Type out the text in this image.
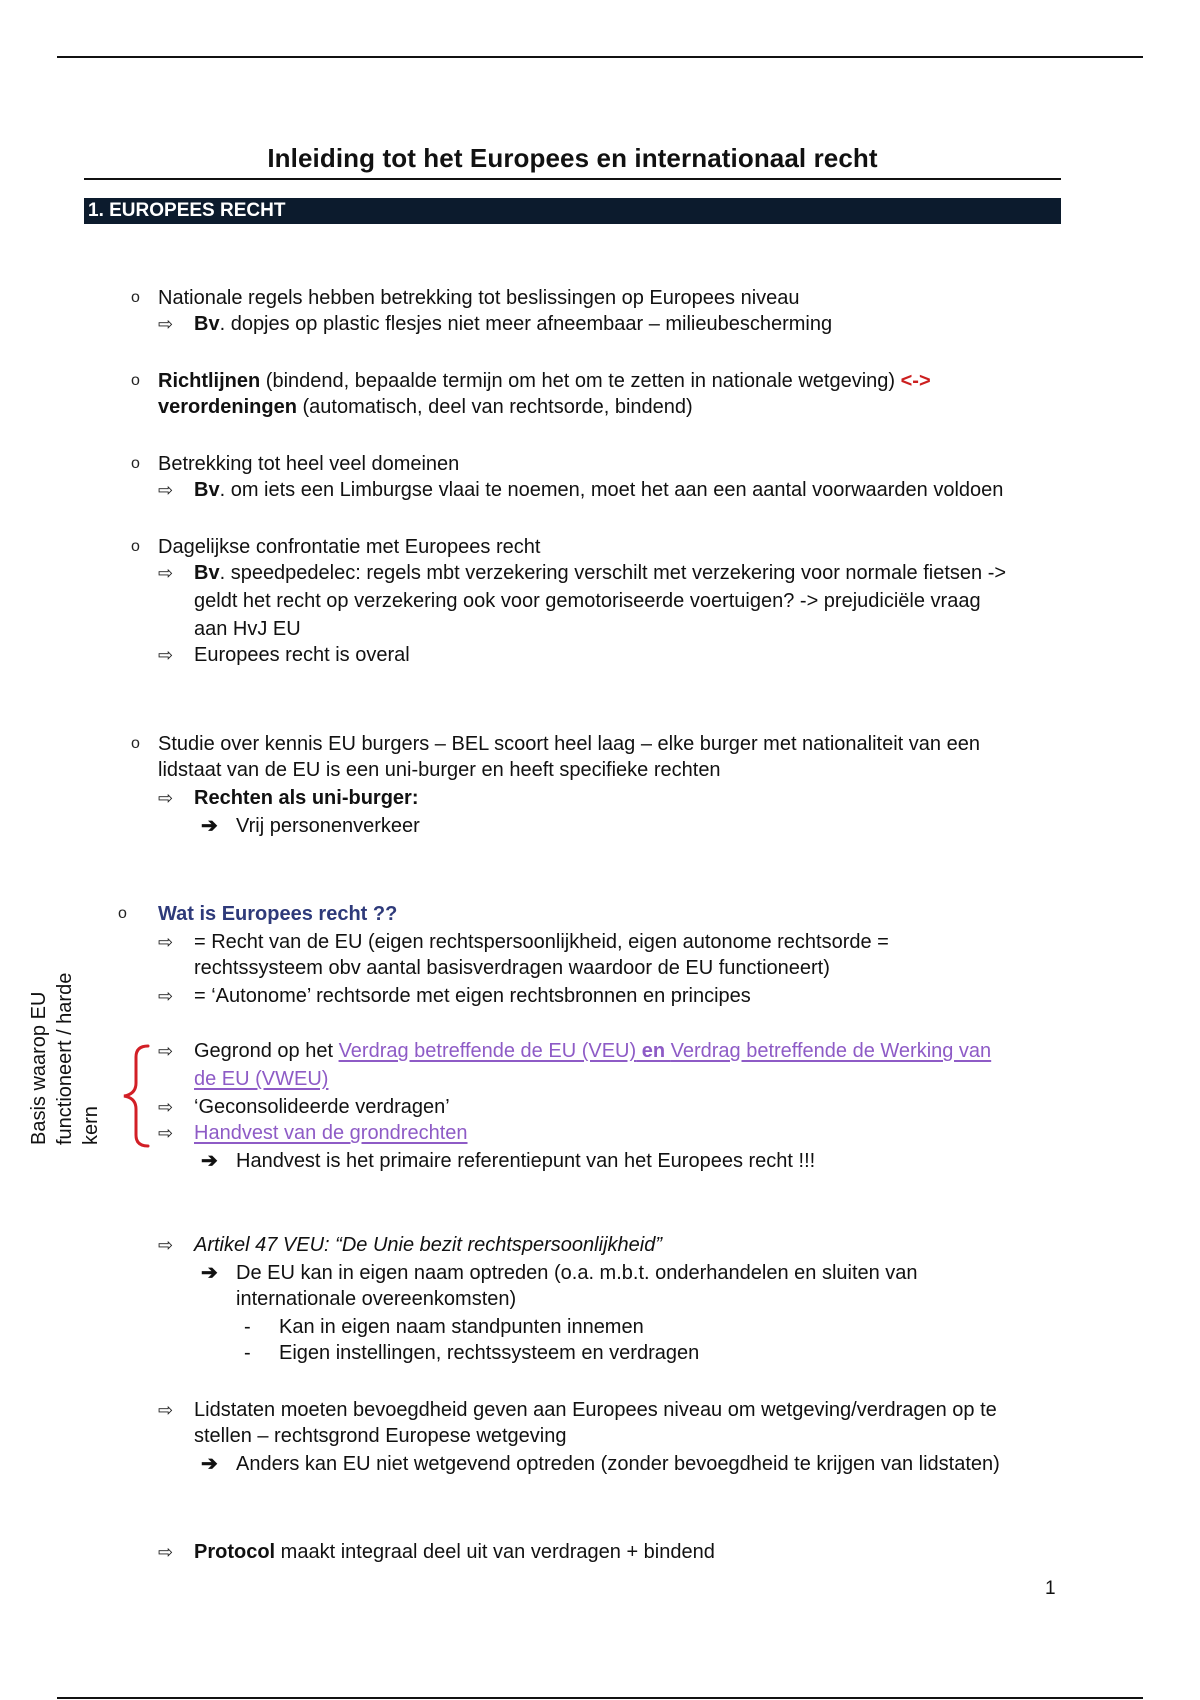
Inleiding tot het Europees en internationaal recht
1. EUROPEES RECHT
o Nationale regels hebben betrekking tot beslissingen op Europees niveau
⇨ Bv. dopjes op plastic flesjes niet meer afneembaar – milieubescherming
o Richtlijnen (bindend, bepaalde termijn om het om te zetten in nationale wetgeving) <->
verordeningen (automatisch, deel van rechtsorde, bindend)
o Betrekking tot heel veel domeinen
⇨ Bv. om iets een Limburgse vlaai te noemen, moet het aan een aantal voorwaarden voldoen
o Dagelijkse confrontatie met Europees recht
⇨ Bv. speedpedelec: regels mbt verzekering verschilt met verzekering voor normale fietsen ->
geldt het recht op verzekering ook voor gemotoriseerde voertuigen? -> prejudiciële vraag
aan HvJ EU
⇨ Europees recht is overal
o Studie over kennis EU burgers – BEL scoort heel laag – elke burger met nationaliteit van een
lidstaat van de EU is een uni-burger en heeft specifieke rechten
⇨ Rechten als uni-burger:
➔ Vrij personenverkeer
o Wat is Europees recht ??
⇨ = Recht van de EU (eigen rechtspersoonlijkheid, eigen autonome rechtsorde =
rechtssysteem obv aantal basisverdragen waardoor de EU functioneert)
⇨ = ‘Autonome’ rechtsorde met eigen rechtsbronnen en principes
Basis waarop EU functioneert / harde kern
⇨ Gegrond op het Verdrag betreffende de EU (VEU) en Verdrag betreffende de Werking van
de EU (VWEU)
⇨ ‘Geconsolideerde verdragen’
⇨ Handvest van de grondrechten
➔ Handvest is het primaire referentiepunt van het Europees recht !!!
⇨ Artikel 47 VEU: “De Unie bezit rechtspersoonlijkheid”
➔ De EU kan in eigen naam optreden (o.a. m.b.t. onderhandelen en sluiten van
internationale overeenkomsten)
- Kan in eigen naam standpunten innemen
- Eigen instellingen, rechtssysteem en verdragen
⇨ Lidstaten moeten bevoegdheid geven aan Europees niveau om wetgeving/verdragen op te
stellen – rechtsgrond Europese wetgeving
➔ Anders kan EU niet wetgevend optreden (zonder bevoegdheid te krijgen van lidstaten)
⇨ Protocol maakt integraal deel uit van verdragen + bindend
1
